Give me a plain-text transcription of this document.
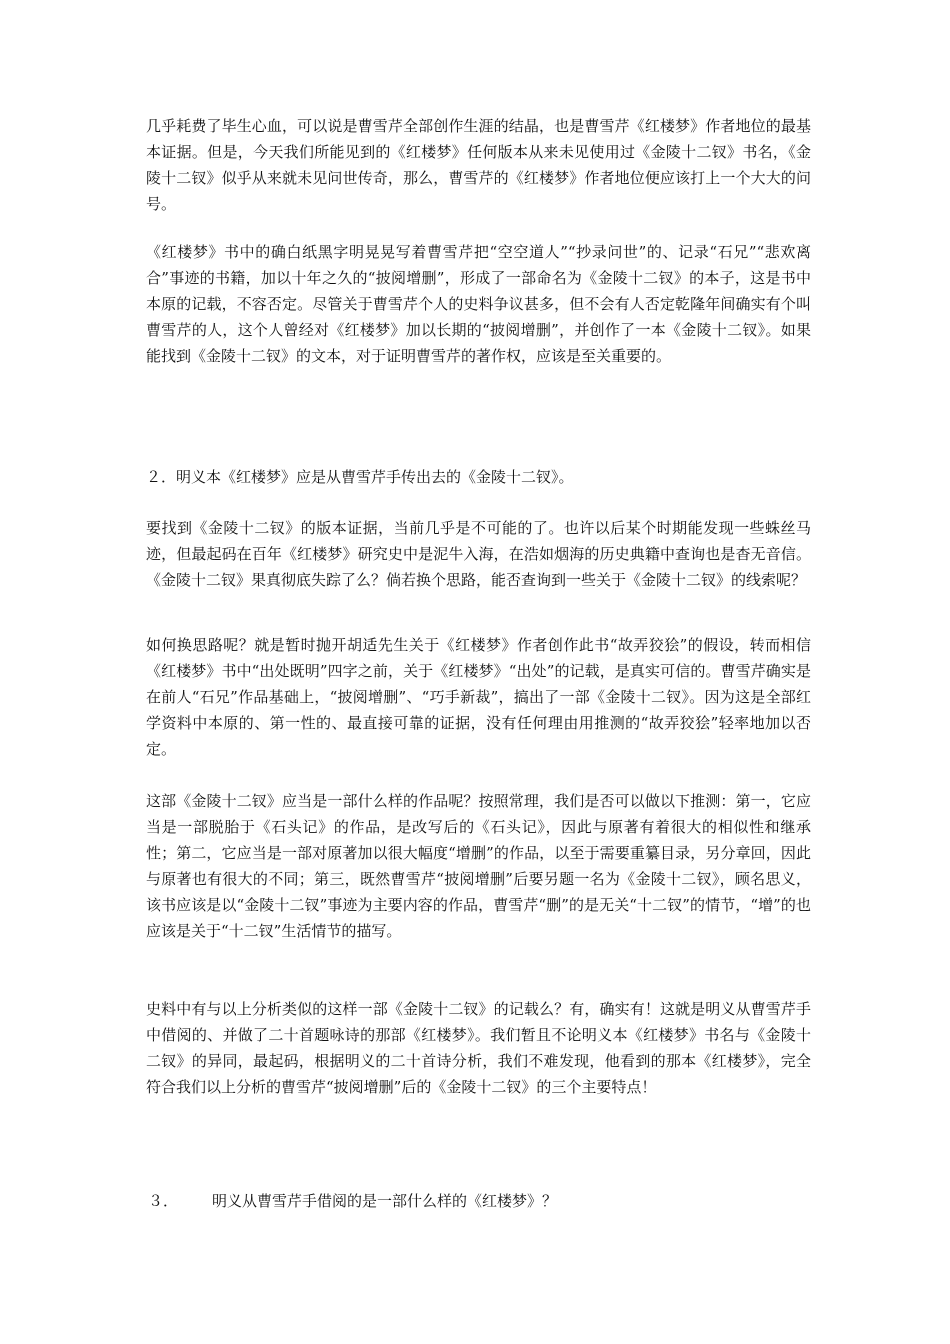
几乎耗费了毕生心血，可以说是曹雪芹全部创作生涯的结晶，也是曹雪芹《红楼梦》作者地位的最基本证据。但是，今天我们所能见到的《红楼梦》任何版本从来未见使用过《金陵十二钗》书名，《金陵十二钗》似乎从来就未见问世传奇，那么，曹雪芹的《红楼梦》作者地位便应该打上一个大大的问号。

《红楼梦》书中的确白纸黑字明晃晃写着曹雪芹把“空空道人”“抄录问世”的、记录“石兄”“悲欢离合”事迹的书籍，加以十年之久的“披阅增删”，形成了一部命名为《金陵十二钗》的本子，这是书中本原的记载，不容否定。尽管关于曹雪芹个人的史料争议甚多，但不会有人否定乾隆年间确实有个叫曹雪芹的人，这个人曾经对《红楼梦》加以长期的“披阅增删”，并创作了一本《金陵十二钗》。如果能找到《金陵十二钗》的文本，对于证明曹雪芹的著作权，应该是至关重要的。

２．明义本《红楼梦》应是从曹雪芹手传出去的《金陵十二钗》。

要找到《金陵十二钗》的版本证据，当前几乎是不可能的了。也许以后某个时期能发现一些蛛丝马迹，但最起码在百年《红楼梦》研究史中是泥牛入海，在浩如烟海的历史典籍中查询也是杳无音信。《金陵十二钗》果真彻底失踪了么？倘若换个思路，能否查询到一些关于《金陵十二钗》的线索呢？

如何换思路呢？就是暂时抛开胡适先生关于《红楼梦》作者创作此书“故弄狡狯”的假设，转而相信《红楼梦》书中“出处既明”四字之前，关于《红楼梦》“出处”的记载，是真实可信的。曹雪芹确实是在前人“石兄”作品基础上，“披阅增删”、“巧手新裁”，搞出了一部《金陵十二钗》。因为这是全部红学资料中本原的、第一性的、最直接可靠的证据，没有任何理由用推测的“故弄狡狯”轻率地加以否定。

这部《金陵十二钗》应当是一部什么样的作品呢？按照常理，我们是否可以做以下推测：第一，它应当是一部脱胎于《石头记》的作品，是改写后的《石头记》，因此与原著有着很大的相似性和继承性；第二，它应当是一部对原著加以很大幅度“增删”的作品，以至于需要重纂目录，另分章回，因此与原著也有很大的不同；第三，既然曹雪芹“披阅增删”后要另题一名为《金陵十二钗》，顾名思义，该书应该是以“金陵十二钗”事迹为主要内容的作品，曹雪芹“删”的是无关“十二钗”的情节，“增”的也应该是关于“十二钗”生活情节的描写。

史料中有与以上分析类似的这样一部《金陵十二钗》的记载么？有，确实有！这就是明义从曹雪芹手中借阅的、并做了二十首题咏诗的那部《红楼梦》。我们暂且不论明义本《红楼梦》书名与《金陵十二钗》的异同，最起码，根据明义的二十首诗分析，我们不难发现，他看到的那本《红楼梦》，完全符合我们以上分析的曹雪芹“披阅增删”后的《金陵十二钗》的三个主要特点！

３． 明义从曹雪芹手借阅的是一部什么样的《红楼梦》？
